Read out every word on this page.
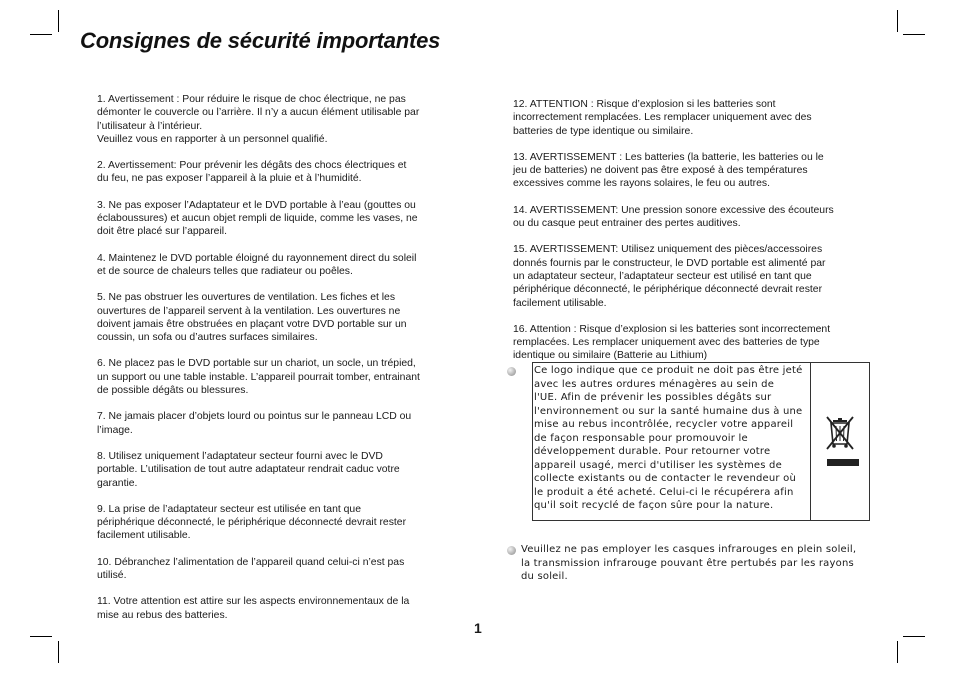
Consignes de sécurité importantes

1. Avertissement : Pour réduire le risque de choc électrique, ne pas
démonter le couvercle ou l’arrière. Il n’y a aucun élément utilisable par
l’utilisateur à l’intérieur.
Veuillez vous en rapporter à un personnel qualifié.

2. Avertissement: Pour prévenir les dégâts des chocs électriques et
du feu, ne pas exposer l’appareil à la pluie et à l’humidité.

3. Ne pas exposer l’Adaptateur et le DVD portable à l’eau (gouttes ou
éclaboussures) et aucun objet rempli de liquide, comme les vases, ne
doit être placé sur l’appareil.

4. Maintenez le DVD portable éloigné du rayonnement direct du soleil
et de source de chaleurs telles que radiateur ou poêles.

5. Ne pas obstruer les ouvertures de ventilation. Les fiches et les
ouvertures de l’appareil servent à la ventilation. Les ouvertures ne
doivent jamais être obstruées en plaçant votre DVD portable sur un
coussin, un sofa ou d’autres surfaces similaires.

6. Ne placez pas le DVD portable sur un chariot, un socle, un trépied,
un support ou une table instable. L’appareil pourrait tomber, entrainant
de possible dégâts ou blessures.

7. Ne jamais placer d’objets lourd ou pointus sur le panneau LCD ou
l’image.

8. Utilisez uniquement l’adaptateur secteur fourni avec le DVD
portable. L’utilisation de tout autre adaptateur rendrait caduc votre
garantie.

9. La prise de l’adaptateur secteur est utilisée en tant que
périphérique déconnecté, le périphérique déconnecté devrait rester
facilement utilisable.

10. Débranchez l’alimentation de l’appareil quand celui-ci n’est pas
utilisé.

11. Votre attention est attire sur les aspects environnementaux de la
mise au rebus des batteries.

12. ATTENTION : Risque d’explosion si les batteries sont
incorrectement remplacées. Les remplacer uniquement avec des
batteries de type identique ou similaire.

13. AVERTISSEMENT : Les batteries (la batterie, les batteries ou le
jeu de batteries) ne doivent pas être exposé à des températures
excessives comme les rayons solaires, le feu ou autres.

14. AVERTISSEMENT: Une pression sonore excessive des écouteurs
ou du casque peut entrainer des pertes auditives.

15. AVERTISSEMENT: Utilisez uniquement des pièces/accessoires
donnés fournis par le constructeur, le DVD portable est alimenté par
un adaptateur secteur, l’adaptateur secteur est utilisé en tant que
périphérique déconnecté, le périphérique déconnecté devrait rester
facilement utilisable.

16. Attention : Risque d’explosion si les batteries sont incorrectement
remplacées. Les remplacer uniquement avec des batteries de type
identique ou similaire (Batterie au Lithium)

Ce logo indique que ce produit ne doit pas être jeté
avec les autres ordures ménagères au sein de
l'UE. Afin de prévenir les possibles dégâts sur
l'environnement ou sur la santé humaine dus à une
mise au rebus incontrôlée, recycler votre appareil
de façon responsable pour promouvoir le
développement durable. Pour retourner votre
appareil usagé, merci d'utiliser les systèmes de
collecte existants ou de contacter le revendeur où
le produit a été acheté. Celui-ci le récupérera afin
qu'il soit recyclé de façon sûre pour la nature.
Veuillez ne pas employer les casques infrarouges en plein soleil,
la transmission infrarouge pouvant être pertubés par les rayons
du soleil.
1
